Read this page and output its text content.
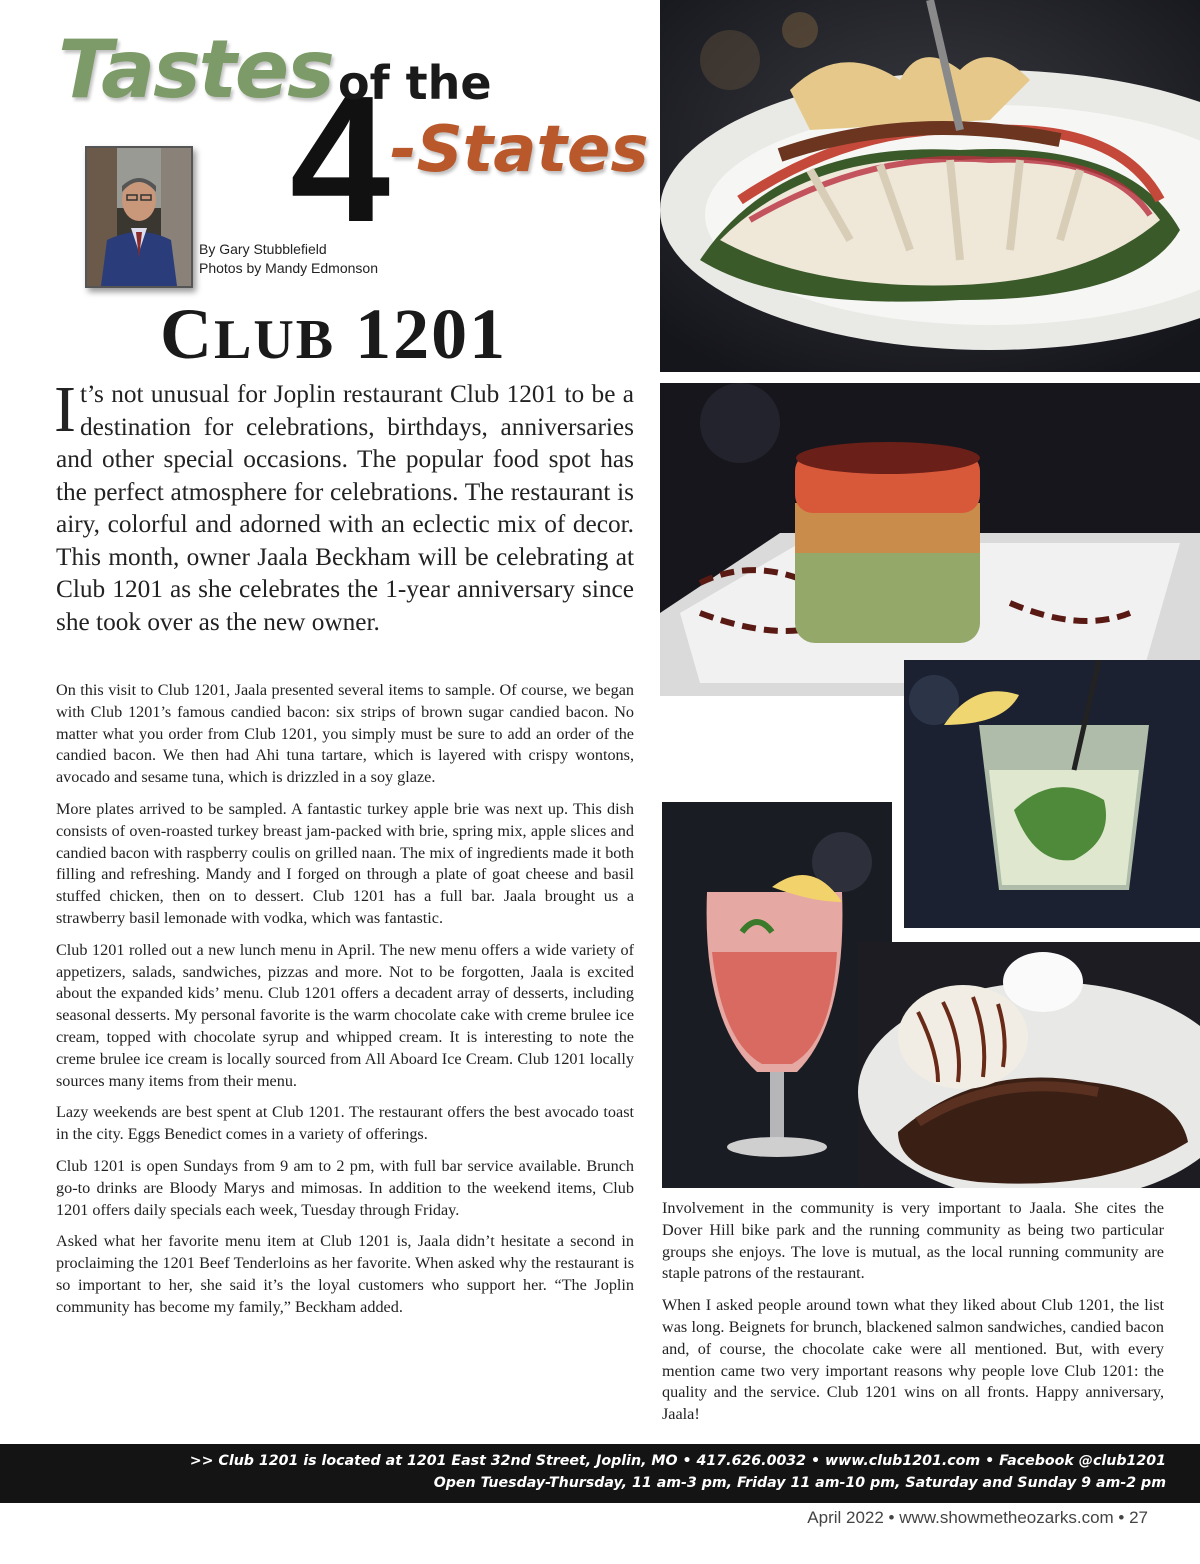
Tastes
4
of the
-States
By Gary Stubblefield
Photos by Mandy Edmonson
CLUB 1201
It’s not unusual for Joplin restaurant Club 1201 to be a destination for celebrations, birthdays, anniversaries and other special occasions. The popular food spot has the perfect atmosphere for celebrations. The restaurant is airy, colorful and adorned with an eclectic mix of decor. This month, owner Jaala Beckham will be celebrating at Club 1201 as she celebrates the 1-year anniversary since she took over as the new owner.

On this visit to Club 1201, Jaala presented several items to sample. Of course, we began with Club 1201’s famous candied bacon: six strips of brown sugar candied bacon. No matter what you order from Club 1201, you simply must be sure to add an order of the candied bacon. We then had Ahi tuna tartare, which is layered with crispy wontons, avocado and sesame tuna, which is drizzled in a soy glaze.

More plates arrived to be sampled. A fantastic turkey apple brie was next up. This dish consists of oven-roasted turkey breast jam-packed with brie, spring mix, apple slices and candied bacon with raspberry coulis on grilled naan. The mix of ingredients made it both filling and refreshing. Mandy and I forged on through a plate of goat cheese and basil stuffed chicken, then on to dessert. Club 1201 has a full bar. Jaala brought us a strawberry basil lemonade with vodka, which was fantastic.

Club 1201 rolled out a new lunch menu in April. The new menu offers a wide variety of appetizers, salads, sandwiches, pizzas and more. Not to be forgotten, Jaala is excited about the expanded kids’ menu. Club 1201 offers a decadent array of desserts, including seasonal desserts. My personal favorite is the warm chocolate cake with creme brulee ice cream, topped with chocolate syrup and whipped cream. It is interesting to note the creme brulee ice cream is locally sourced from All Aboard Ice Cream. Club 1201 locally sources many items from their menu.

Lazy weekends are best spent at Club 1201. The restaurant offers the best avocado toast in the city. Eggs Benedict comes in a variety of offerings.

Club 1201 is open Sundays from 9 am to 2 pm, with full bar service available. Brunch go-to drinks are Bloody Marys and mimosas. In addition to the weekend items, Club 1201 offers daily specials each week, Tuesday through Friday.

Asked what her favorite menu item at Club 1201 is, Jaala didn’t hesitate a second in proclaiming the 1201 Beef Tenderloins as her favorite. When asked why the restaurant is so important to her, she said it’s the loyal customers who support her. “The Joplin community has become my family,” Beckham added.

Involvement in the community is very important to Jaala. She cites the Dover Hill bike park and the running community as being two particular groups she enjoys. The love is mutual, as the local running community are staple patrons of the restaurant.

When I asked people around town what they liked about Club 1201, the list was long. Beignets for brunch, blackened salmon sandwiches, candied bacon and, of course, the chocolate cake were all mentioned. But, with every mention came two very important reasons why people love Club 1201: the quality and the service. Club 1201 wins on all fronts. Happy anniversary, Jaala!

>> Club 1201 is located at 1201 East 32nd Street, Joplin, MO • 417.626.0032 • www.club1201.com • Facebook @club1201
Open Tuesday-Thursday, 11 am-3 pm, Friday 11 am-10 pm, Saturday and Sunday 9 am-2 pm
April 2022 • www.showmetheozarks.com • 27
